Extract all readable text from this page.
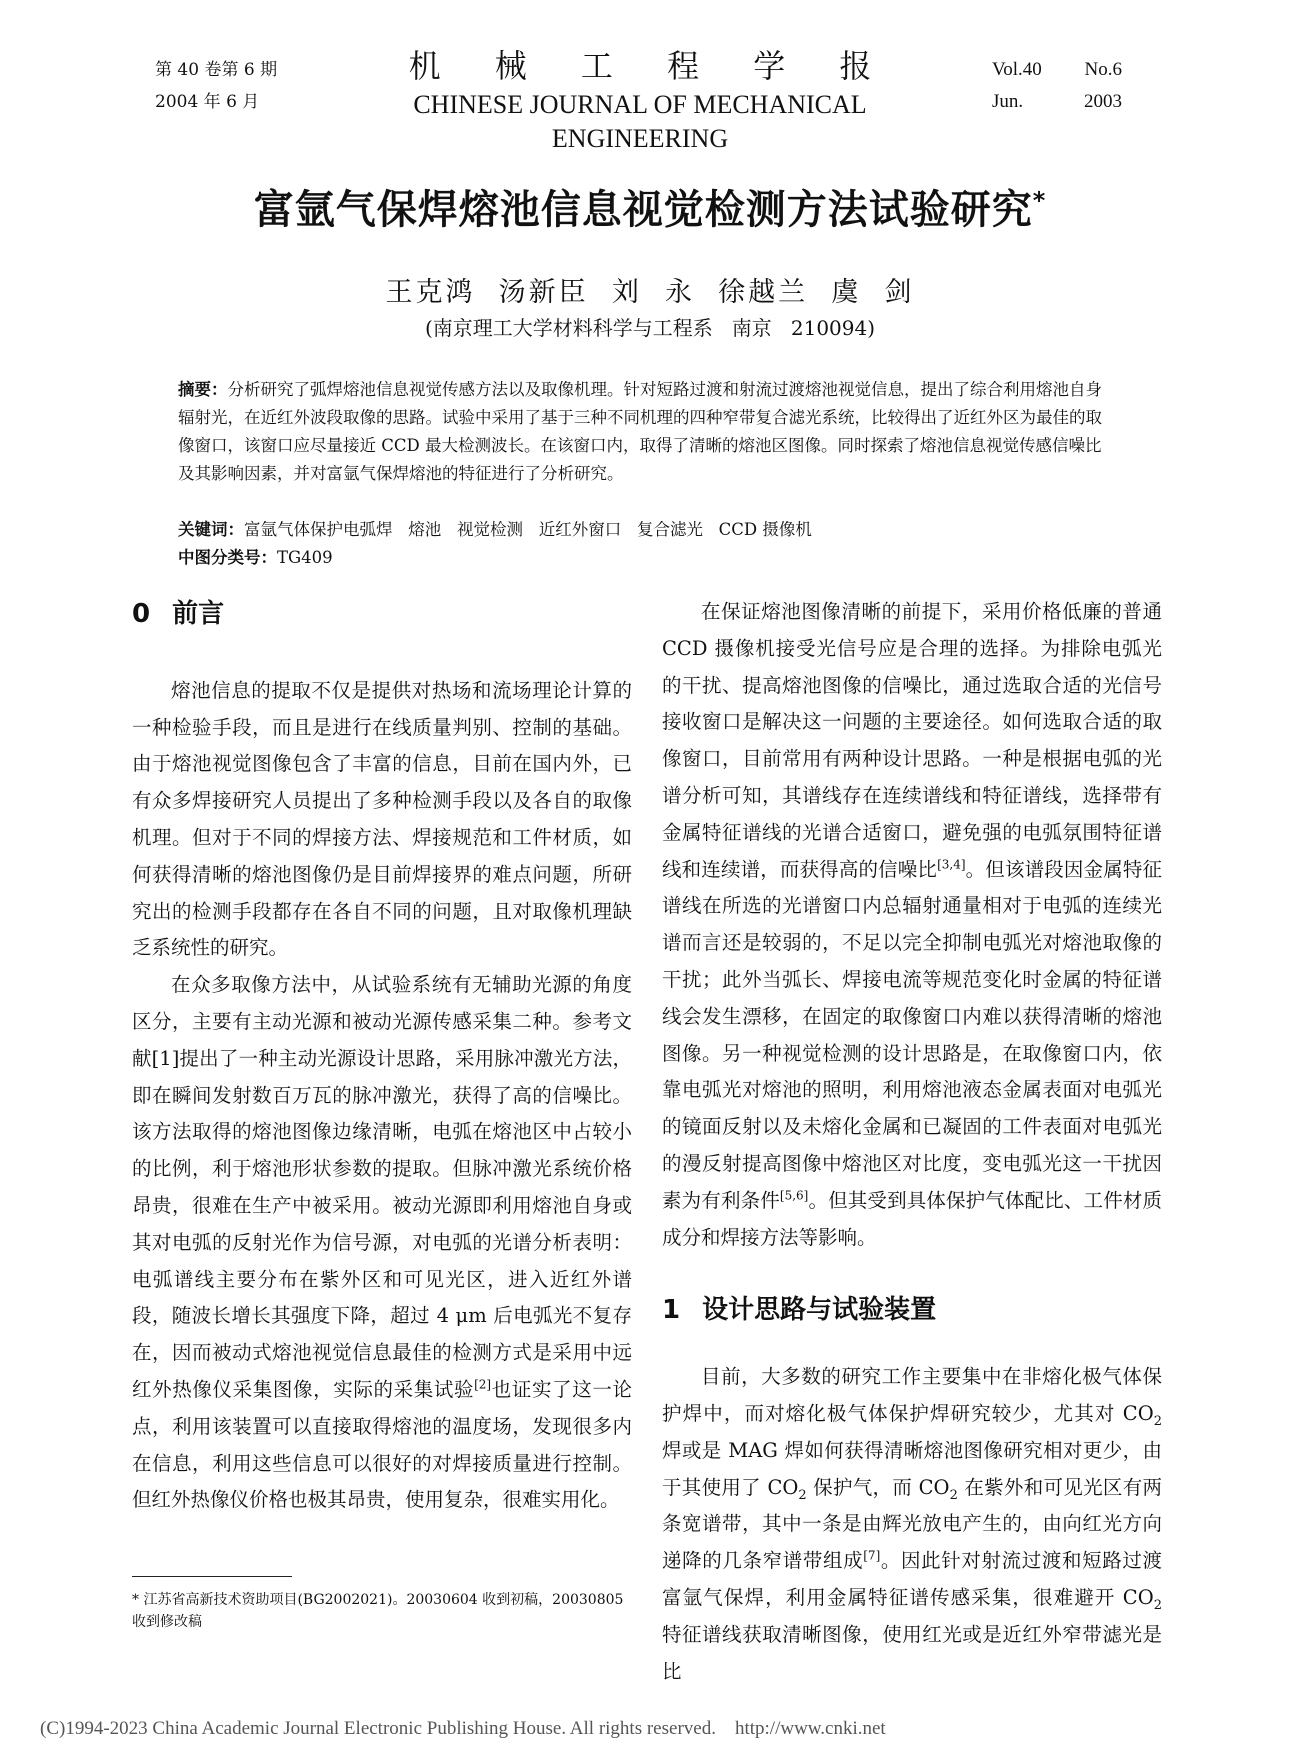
第 40 卷第 6 期
2004 年 6 月
机 械 工 程 学 报
CHINESE JOURNAL OF MECHANICAL ENGINEERING
Vol.40 No.6
Jun.	2003
富氩气保焊熔池信息视觉检测方法试验研究*
王克鸿  汤新臣  刘  永  徐越兰  虞  剑
(南京理工大学材料科学与工程系   南京   210094)

摘要：分析研究了弧焊熔池信息视觉传感方法以及取像机理。针对短路过渡和射流过渡熔池视觉信息，提出了综合利用熔池自身辐射光，在近红外波段取像的思路。试验中采用了基于三种不同机理的四种窄带复合滤光系统，比较得出了近红外区为最佳的取像窗口，该窗口应尽量接近 CCD 最大检测波长。在该窗口内，取得了清晰的熔池区图像。同时探索了熔池信息视觉传感信噪比及其影响因素，并对富氩气保焊熔池的特征进行了分析研究。

关键词：富氩气体保护电弧焊   熔池   视觉检测   近红外窗口   复合滤光   CCD 摄像机

中图分类号：TG409

0 前言

熔池信息的提取不仅是提供对热场和流场理论计算的一种检验手段，而且是进行在线质量判别、控制的基础。由于熔池视觉图像包含了丰富的信息，目前在国内外，已有众多焊接研究人员提出了多种检测手段以及各自的取像机理。但对于不同的焊接方法、焊接规范和工件材质，如何获得清晰的熔池图像仍是目前焊接界的难点问题，所研究出的检测手段都存在各自不同的问题，且对取像机理缺乏系统性的研究。

在众多取像方法中，从试验系统有无辅助光源的角度区分，主要有主动光源和被动光源传感采集二种。参考文献[1]提出了一种主动光源设计思路，采用脉冲激光方法，即在瞬间发射数百万瓦的脉冲激光，获得了高的信噪比。该方法取得的熔池图像边缘清晰，电弧在熔池区中占较小的比例，利于熔池形状参数的提取。但脉冲激光系统价格昂贵，很难在生产中被采用。被动光源即利用熔池自身或其对电弧的反射光作为信号源，对电弧的光谱分析表明：电弧谱线主要分布在紫外区和可见光区，进入近红外谱段，随波长增长其强度下降，超过 4 μm 后电弧光不复存在，因而被动式熔池视觉信息最佳的检测方式是采用中远红外热像仪采集图像，实际的采集试验[2]也证实了这一论点，利用该装置可以直接取得熔池的温度场，发现很多内在信息，利用这些信息可以很好的对焊接质量进行控制。但红外热像仪价格也极其昂贵，使用复杂，很难实用化。

在保证熔池图像清晰的前提下，采用价格低廉的普通 CCD 摄像机接受光信号应是合理的选择。为排除电弧光的干扰、提高熔池图像的信噪比，通过选取合适的光信号接收窗口是解决这一问题的主要途径。如何选取合适的取像窗口，目前常用有两种设计思路。一种是根据电弧的光谱分析可知，其谱线存在连续谱线和特征谱线，选择带有金属特征谱线的光谱合适窗口，避免强的电弧氛围特征谱线和连续谱，而获得高的信噪比[3,4]。但该谱段因金属特征谱线在所选的光谱窗口内总辐射通量相对于电弧的连续光谱而言还是较弱的，不足以完全抑制电弧光对熔池取像的干扰；此外当弧长、焊接电流等规范变化时金属的特征谱线会发生漂移，在固定的取像窗口内难以获得清晰的熔池图像。另一种视觉检测的设计思路是，在取像窗口内，依靠电弧光对熔池的照明，利用熔池液态金属表面对电弧光的镜面反射以及未熔化金属和已凝固的工件表面对电弧光的漫反射提高图像中熔池区对比度，变电弧光这一干扰因素为有利条件[5,6]。但其受到具体保护气体配比、工件材质成分和焊接方法等影响。

1 设计思路与试验装置

目前，大多数的研究工作主要集中在非熔化极气体保护焊中，而对熔化极气体保护焊研究较少，尤其对 $CO_2$ 焊或是 MAG 焊如何获得清晰熔池图像研究相对更少，由于其使用了 $CO_2$ 保护气，而 $CO_2$ 在紫外和可见光区有两条宽谱带，其中一条是由辉光放电产生的，由向红光方向递降的几条窄谱带组成[7]。因此针对射流过渡和短路过渡富氩气保焊，利用金属特征谱传感采集，很难避开 $CO_2$ 特征谱线获取清晰图像，使用红光或是近红外窄带滤光是比

* 江苏省高新技术资助项目(BG2002021)。20030604 收到初稿，20030805 收到修改稿
(C)1994-2023 China Academic Journal Electronic Publishing House. All rights reserved.    http://www.cnki.net
